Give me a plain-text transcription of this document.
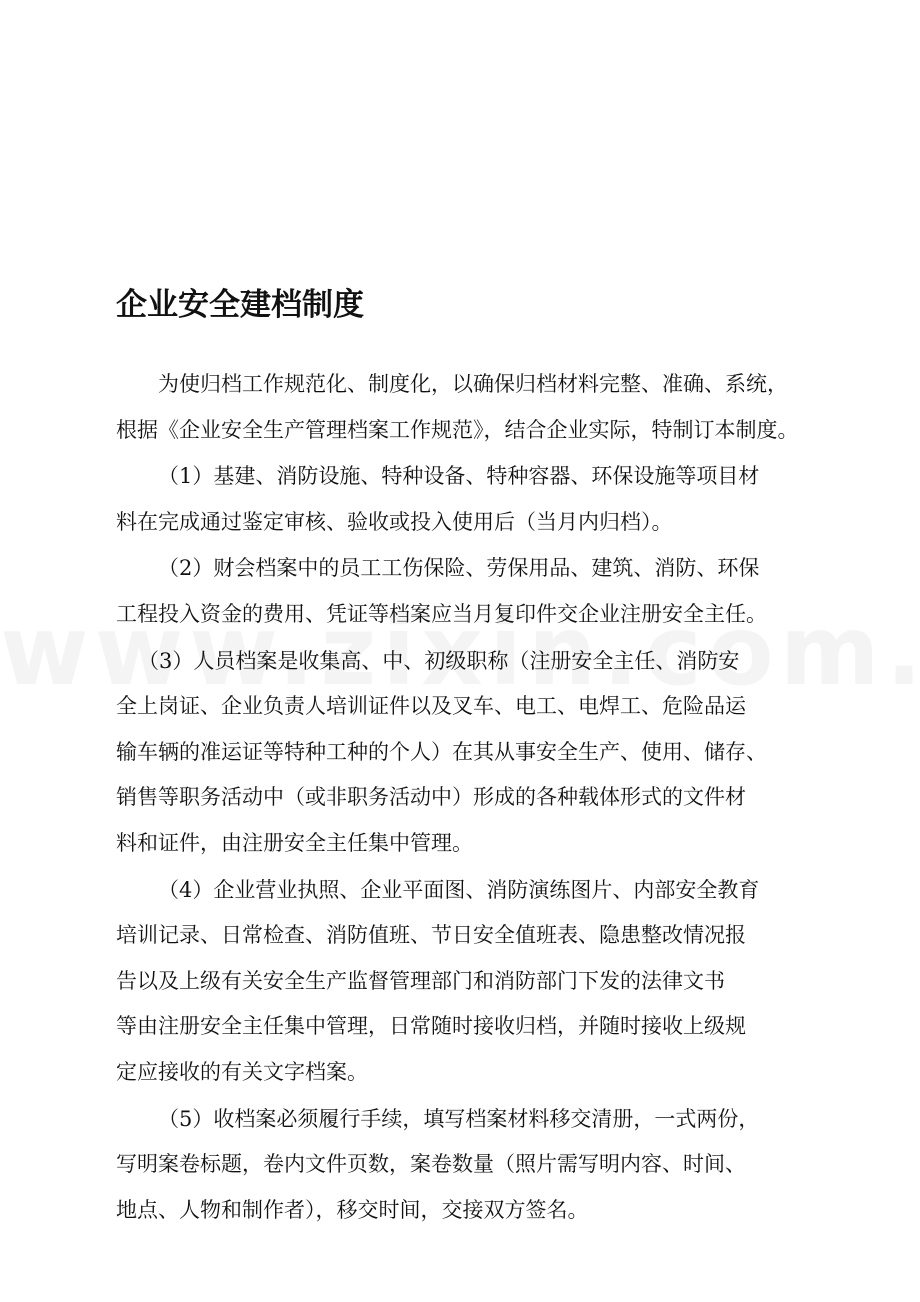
企业安全建档制度

为使归档工作规范化、制度化，以确保归档材料完整、准确、系统，
根据《企业安全生产管理档案工作规范》，结合企业实际，特制订本制度。

（1）基建、消防设施、特种设备、特种容器、环保设施等项目材
料在完成通过鉴定审核、验收或投入使用后（当月内归档）。

（2）财会档案中的员工工伤保险、劳保用品、建筑、消防、环保
工程投入资金的费用、凭证等档案应当月复印件交企业注册安全主任。

（3）人员档案是收集高、中、初级职称（注册安全主任、消防安
全上岗证、企业负责人培训证件以及叉车、电工、电焊工、危险品运
输车辆的准运证等特种工种的个人）在其从事安全生产、使用、储存、
销售等职务活动中（或非职务活动中）形成的各种载体形式的文件材
料和证件，由注册安全主任集中管理。

（4）企业营业执照、企业平面图、消防演练图片、内部安全教育
培训记录、日常检查、消防值班、节日安全值班表、隐患整改情况报
告以及上级有关安全生产监督管理部门和消防部门下发的法律文书
等由注册安全主任集中管理，日常随时接收归档，并随时接收上级规
定应接收的有关文字档案。

（5）收档案必须履行手续，填写档案材料移交清册，一式两份，
写明案卷标题，卷内文件页数，案卷数量（照片需写明内容、时间、
地点、人物和制作者），移交时间，交接双方签名。
